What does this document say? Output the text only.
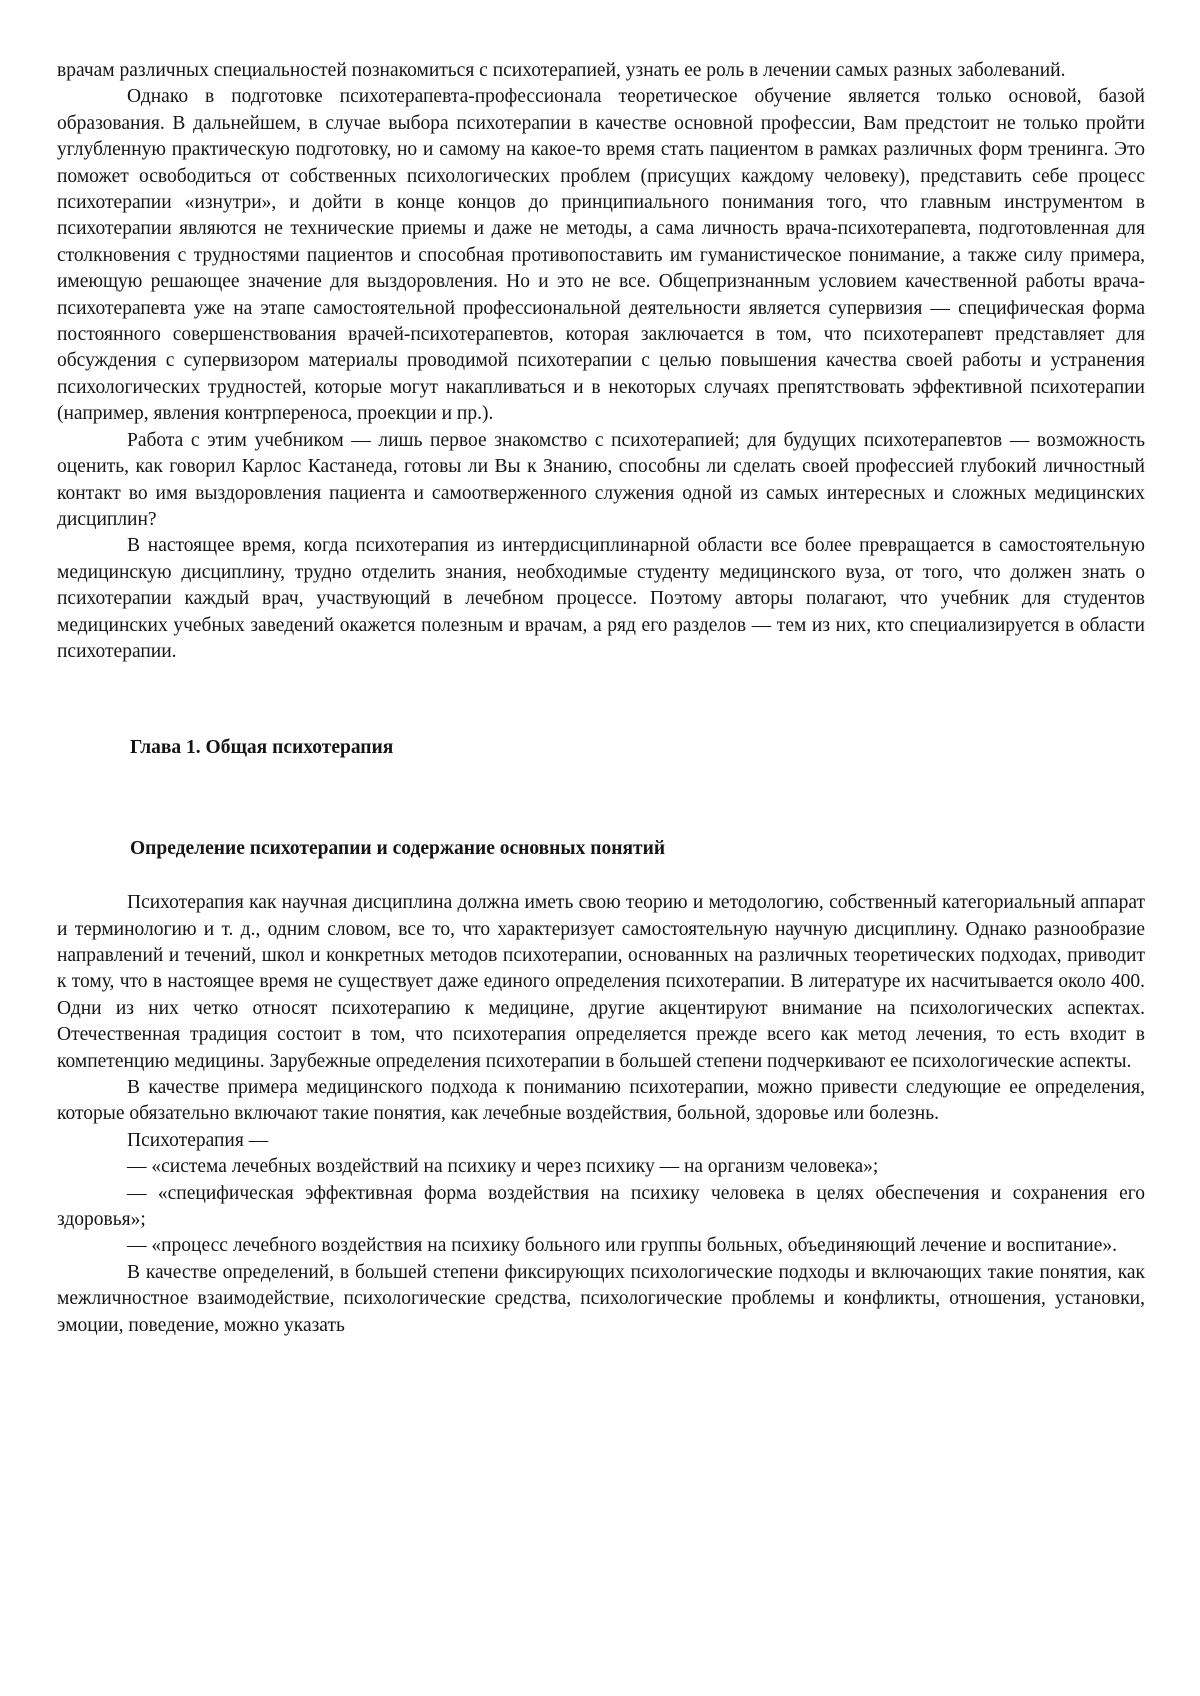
врачам различных специальностей познакомиться с психотерапией, узнать ее роль в лечении самых разных заболеваний.

Однако в подготовке психотерапевта-профессионала теоретическое обучение является только основой, базой образования. В дальнейшем, в случае выбора психотерапии в качестве основной профессии, Вам предстоит не только пройти углубленную практическую подготовку, но и самому на какое-то время стать пациентом в рамках различных форм тренинга. Это поможет освободиться от собственных психологических проблем (присущих каждому человеку), представить себе процесс психотерапии «изнутри», и дойти в конце концов до принципиального понимания того, что главным инструментом в психотерапии являются не технические приемы и даже не методы, а сама личность врача-психотерапевта, подготовленная для столкновения с трудностями пациентов и способная противопоставить им гуманистическое понимание, а также силу примера, имеющую решающее значение для выздоровления. Но и это не все. Общепризнанным условием качественной работы врача-психотерапевта уже на этапе самостоятельной профессиональной деятельности является супервизия — специфическая форма постоянного совершенствования врачей-психотерапевтов, которая заключается в том, что психотерапевт представляет для обсуждения с супервизором материалы проводимой психотерапии с целью повышения качества своей работы и устранения психологических трудностей, которые могут накапливаться и в некоторых случаях препятствовать эффективной психотерапии (например, явления контрпереноса, проекции и пр.).

Работа с этим учебником — лишь первое знакомство с психотерапией; для будущих психотерапевтов — возможность оценить, как говорил Карлос Кастанеда, готовы ли Вы к Знанию, способны ли сделать своей профессией глубокий личностный контакт во имя выздоровления пациента и самоотверженного служения одной из самых интересных и сложных медицинских дисциплин?

В настоящее время, когда психотерапия из интердисциплинарной области все более превращается в самостоятельную медицинскую дисциплину, трудно отделить знания, необходимые студенту медицинского вуза, от того, что должен знать о психотерапии каждый врач, участвующий в лечебном процессе. Поэтому авторы полагают, что учебник для студентов медицинских учебных заведений окажется полезным и врачам, а ряд его разделов — тем из них, кто специализируется в области психотерапии.

Глава 1. Общая психотерапия

Определение психотерапии и содержание основных понятий

Психотерапия как научная дисциплина должна иметь свою теорию и методологию, собственный категориальный аппарат и терминологию и т. д., одним словом, все то, что характеризует самостоятельную научную дисциплину. Однако разнообразие направлений и течений, школ и конкретных методов психотерапии, основанных на различных теоретических подходах, приводит к тому, что в настоящее время не существует даже единого определения психотерапии. В литературе их насчитывается около 400. Одни из них четко относят психотерапию к медицине, другие акцентируют внимание на психологических аспектах. Отечественная традиция состоит в том, что психотерапия определяется прежде всего как метод лечения, то есть входит в компетенцию медицины. Зарубежные определения психотерапии в большей степени подчеркивают ее психологические аспекты.

В качестве примера медицинского подхода к пониманию психотерапии, можно привести следующие ее определения, которые обязательно включают такие понятия, как лечебные воздействия, больной, здоровье или болезнь.

Психотерапия —

— «система лечебных воздействий на психику и через психику — на организм человека»;

— «специфическая эффективная форма воздействия на психику человека в целях обеспечения и сохранения его здоровья»;

— «процесс лечебного воздействия на психику больного или группы больных, объединяющий лечение и воспитание».

В качестве определений, в большей степени фиксирующих психологические подходы и включающих такие понятия, как межличностное взаимодействие, психологические средства, психологические проблемы и конфликты, отношения, установки, эмоции, поведение, можно указать
